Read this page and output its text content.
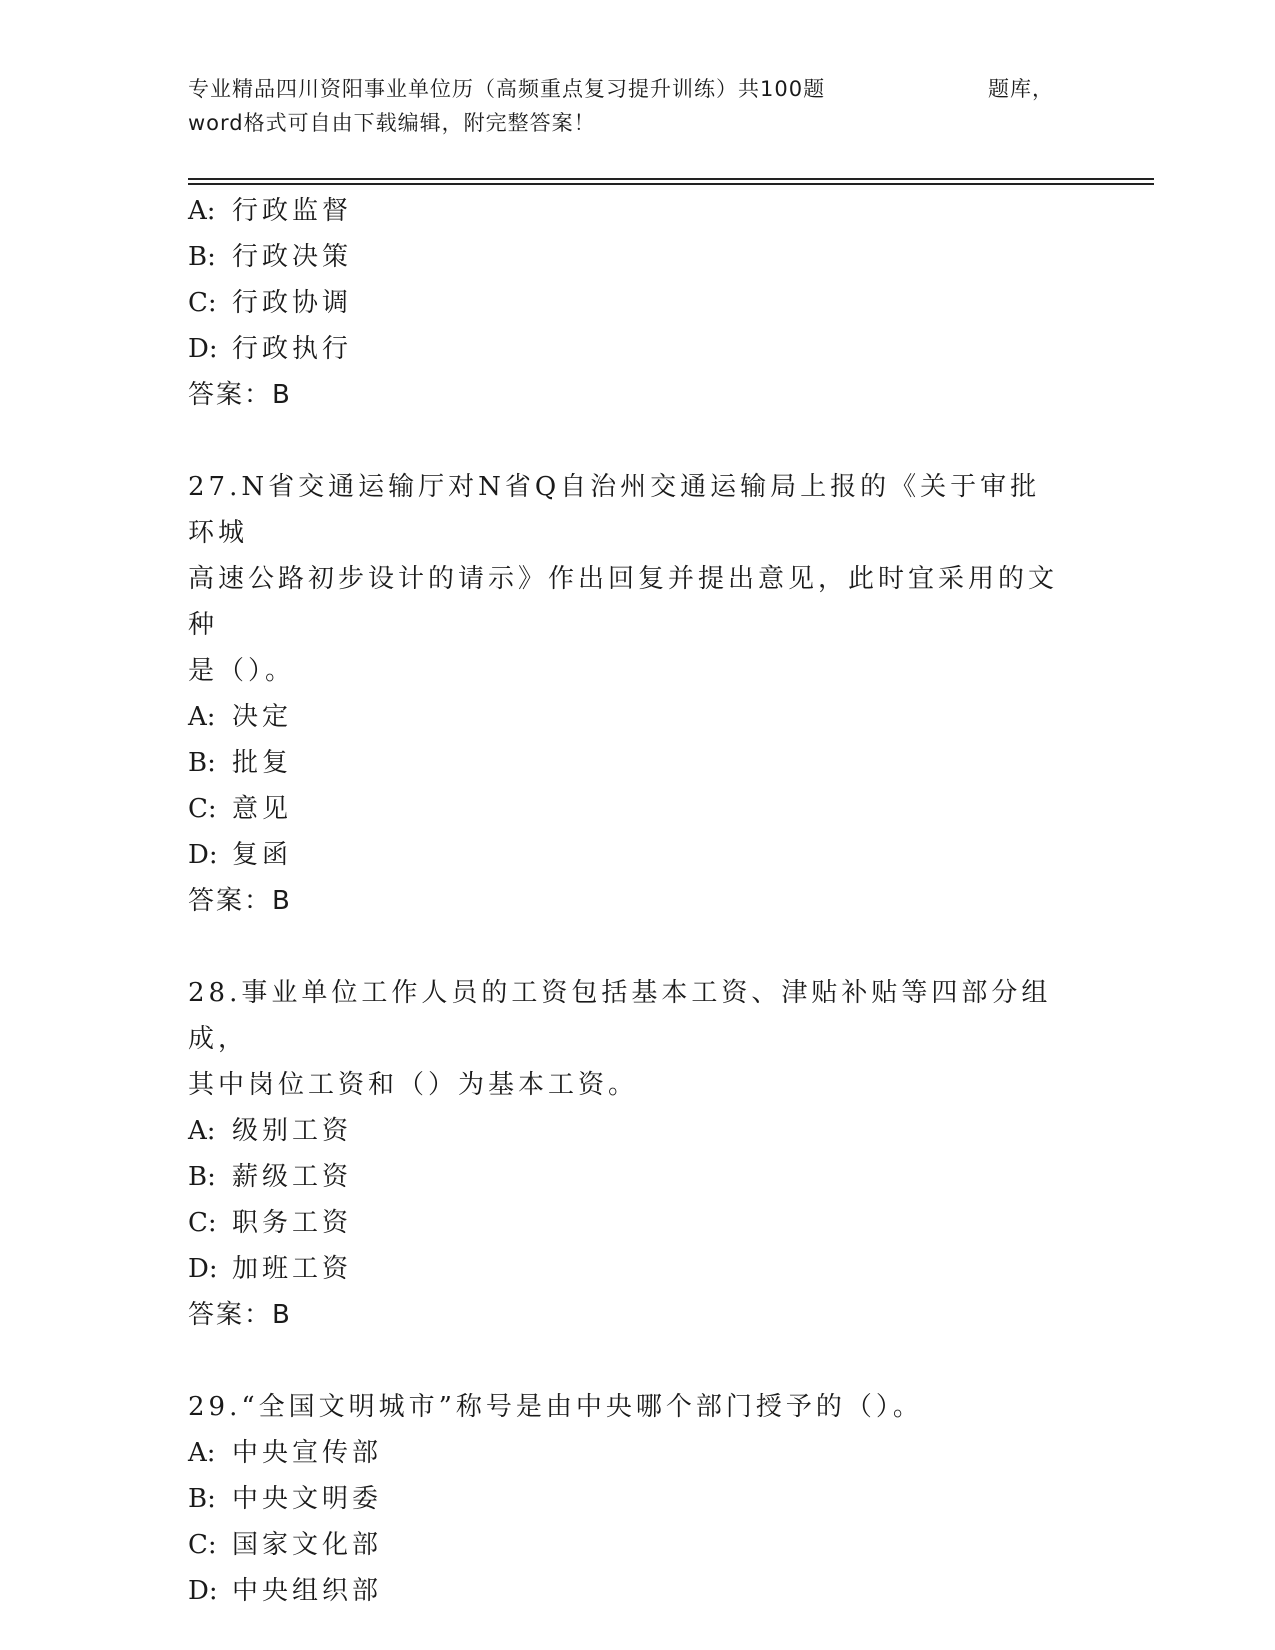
专业精品四川资阳事业单位历（高频重点复习提升训练）共100题	题库，
word格式可自由下载编辑，附完整答案！
A: 行政监督
B: 行政决策
C: 行政协调
D: 行政执行
答案：B
27.N省交通运输厅对N省Q自治州交通运输局上报的《关于审批环城
高速公路初步设计的请示》作出回复并提出意见，此时宜采用的文种
是（）。
A: 决定
B: 批复
C: 意见
D: 复函
答案：B
28.事业单位工作人员的工资包括基本工资、津贴补贴等四部分组成，
其中岗位工资和（）为基本工资。
A: 级别工资
B: 薪级工资
C: 职务工资
D: 加班工资
答案：B
29.“全国文明城市”称号是由中央哪个部门授予的（）。
A: 中央宣传部
B: 中央文明委
C: 国家文化部
D: 中央组织部
